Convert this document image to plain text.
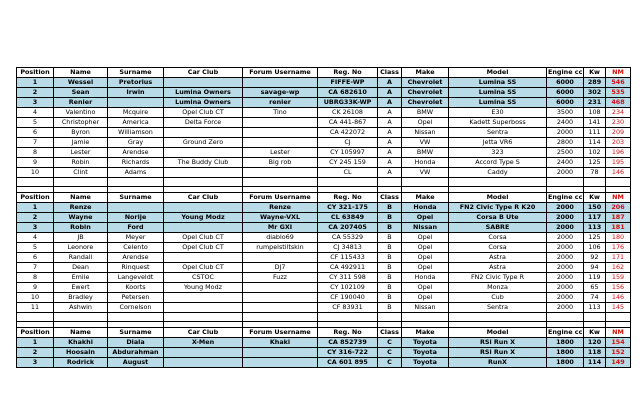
Position	Name	Surname	Car Club	Forum Username	Reg. No	Class	Make	Model	Engine cc	Kw	NM
1	Wessel	Pretorius			FIFFE-WP	A	Chevrolet	Lumina SS	6000	289	546
2	Sean	Irwin	Lumina Owners	savage-wp	CA 682610	A	Chevrolet	Lumina SS	6000	302	535
3	Renier		Lumina Owners	renier	UBRG33K-WP	A	Chevrolet	Lumina SS	6000	231	468
4	Valentino	Mcquire	Opel Club CT	Tino	CK 26108	A	BMW	E30	3500	108	234
5	Christopher	America	Delta Force		CA 441-867	A	Opel	Kadett Superboss	2400	141	230
6	Byron	Williamson			CA 422072	A	Nissan	Sentra	2000	111	209
7	Jamie	Gray	Ground Zero		CJ	A	VW	Jetta VR6	2800	114	203
8	Lester	Arendse		Lester	CY 105997	A	BMW	323	2500	102	196
9	Robin	Richards	The Buddy Club	Big rob	CY 245 159	A	Honda	Accord Type S	2400	125	195
10	Clint	Adams			CL	A	VW	Caddy	2000	78	146

Position	Name	Surname	Car Club	Forum Username	Reg. No	Class	Make	Model	Engine cc	Kw	NM
1	Renze			Renze	CY 321-175	B	Honda	FN2 Civic Type R K20	2000	150	206
2	Wayne	Norije	Young Modz	Wayne-VXL	CL 63849	B	Opel	Corsa B Ute	2000	117	187
3	Robin	Ford		Mr GXI	CA 207405	B	Nissan	SABRE	2000	113	181
4	JB	Meyer	Opel Club CT	diablo69	CA 55329	B	Opel	Corsa	2000	125	180
5	Leonore	Celento	Opel Club CT	rumpelstiltskin	CJ 34813	B	Opel	Corsa	2000	106	176
6	Randall	Arendse			CF 115433	B	Opel	Astra	2000	92	171
7	Dean	Rinquest	Opel Club CT	DJ7	CA 492911	B	Opel	Astra	2000	94	162
8	Emile	Langeveldt	CSTOC	Fuzz	CY 311 598	B	Honda	FN2 Civic Type R	2000	119	159
9	Ewert	Koorts	Young Modz		CY 102109	B	Opel	Monza	2000	65	156
10	Bradley	Petersen			CF 190040	B	Opel	Cub	2000	74	146
11	Ashwin	Cornelson			CF 83931	B	Nissan	Sentra	2000	113	145

Position	Name	Surname	Car Club	Forum Username	Reg. No	Class	Make	Model	Engine cc	Kw	NM
1	Khakhi	Diala	X-Men	Khaki	CA 852739	C	Toyota	RSi Run X	1800	120	154
2	Hoosain	Abdurahman			CY 316-722	C	Toyota	RSi Run X	1800	118	152
3	Rodrick	August			CA 601 895	C	Toyota	RunX	1800	114	149
